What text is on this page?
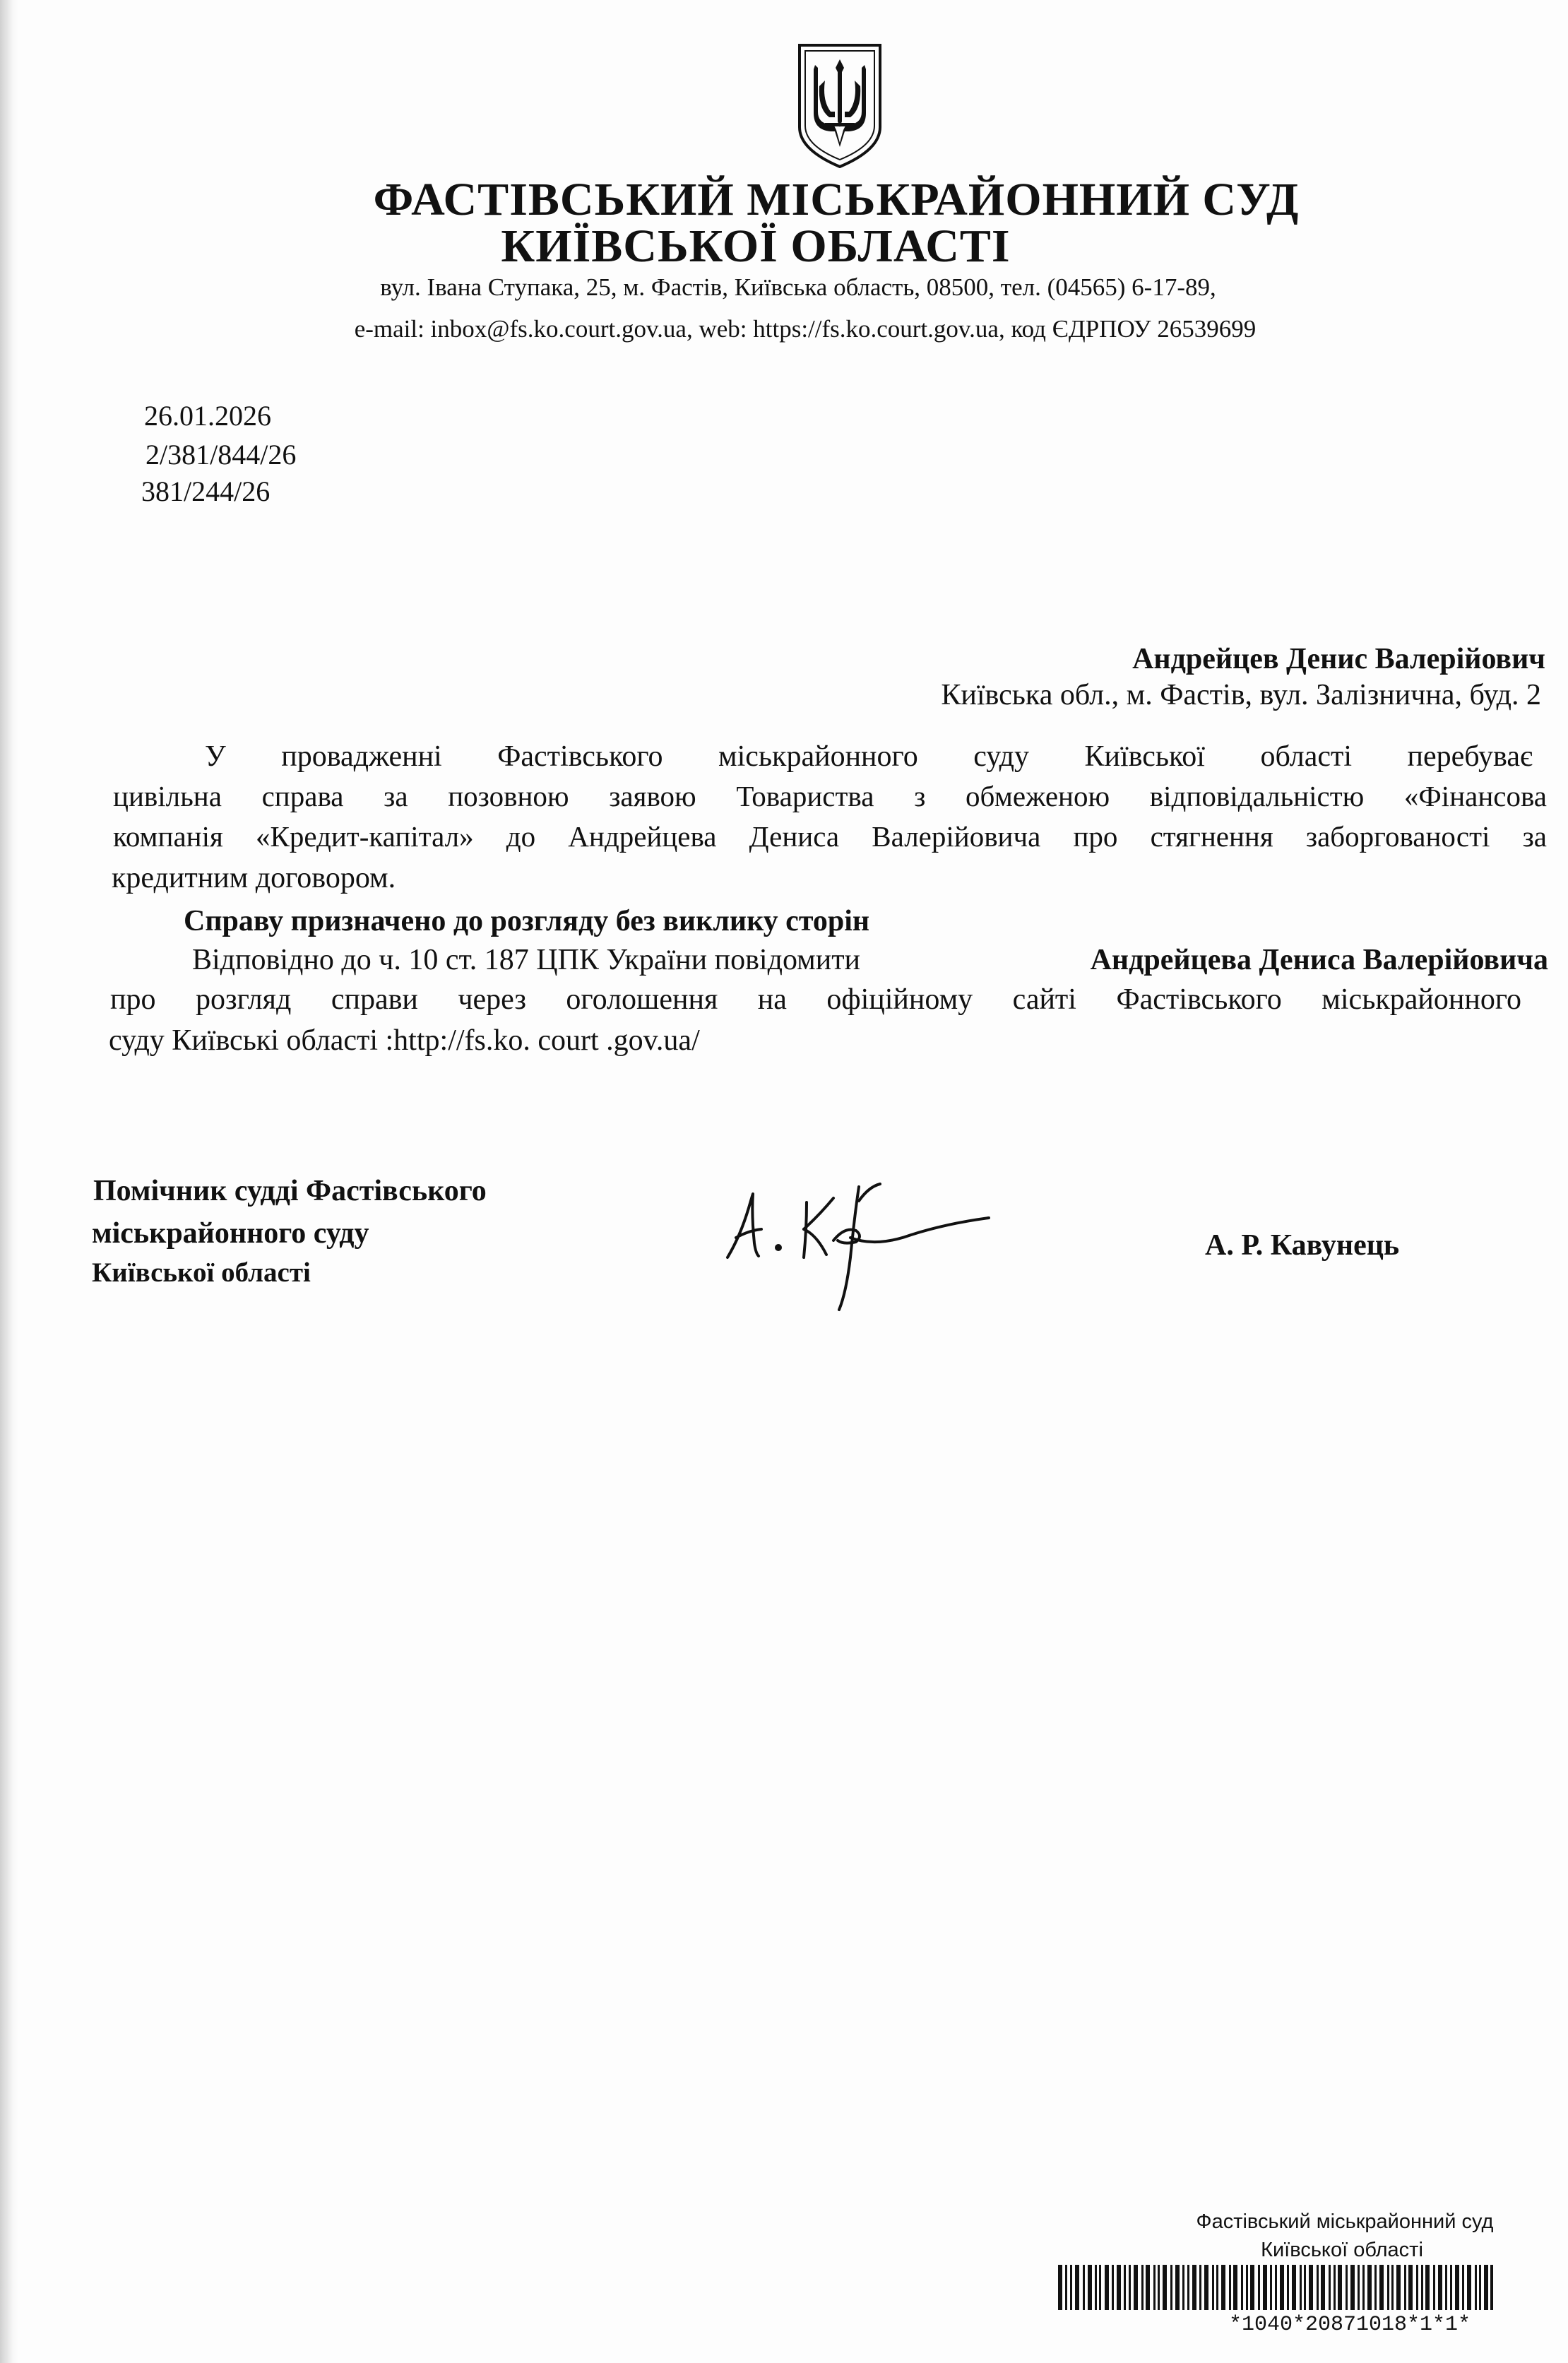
ФАСТІВСЬКИЙ МІСЬКРАЙОННИЙ СУД
КИЇВСЬКОЇ ОБЛАСТІ
вул. Івана Ступака, 25, м. Фастів, Київська область, 08500, тел. (04565) 6-17-89,
e-mail: inbox@fs.ko.court.gov.ua, web: https://fs.ko.court.gov.ua, код ЄДРПОУ 26539699
26.01.2026
2/381/844/26
381/244/26
Андрейцев Денис Валерійович
Київська обл., м. Фастів, вул. Залізнична, буд. 2
У провадженні Фастівського міськрайонного суду Київської області перебуває
цивільна справа за позовною заявою Товариства з обмеженою відповідальністю «Фінансова
компанія «Кредит-капітал» до Андрейцева Дениса Валерійовича про стягнення заборгованості за
кредитним договором.
Справу призначено до розгляду без виклику сторін
Відповідно до ч. 10 ст. 187 ЦПК України повідомити	Андрейцева Дениса Валерійовича
про розгляд справи через оголошення на офіційному сайті Фастівського міськрайонного
суду Київські області :http://fs.ko. court .gov.ua/
Помічник судді Фастівського
міськрайонного суду
Київської області
А. Р. Кавунець
Фастівський міськрайонний суд
Київської області
*1040*20871018*1*1*
